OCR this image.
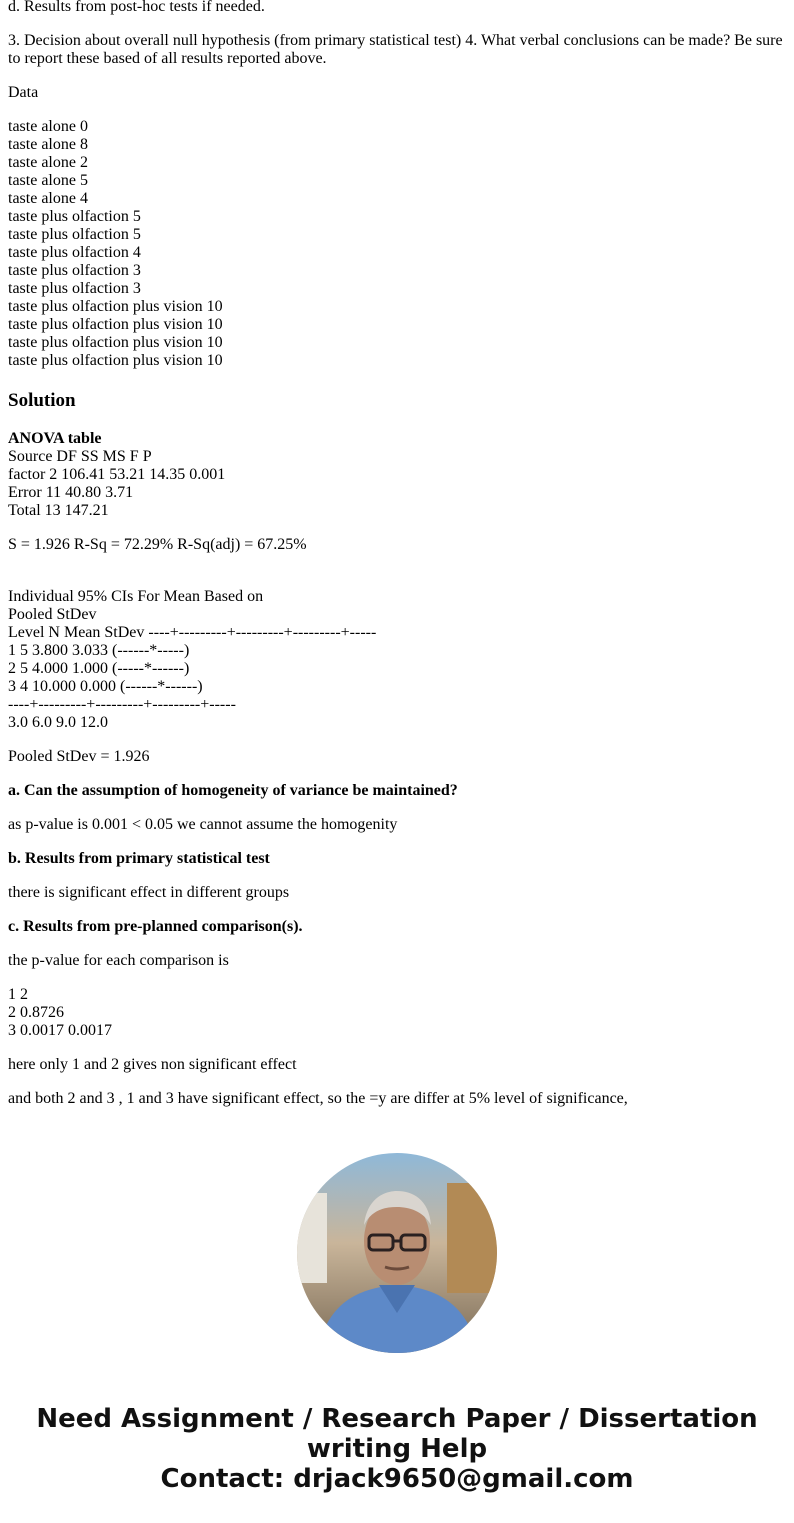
d. Results from post-hoc tests if needed.

3. Decision about overall null hypothesis (from primary statistical test) 4. What verbal conclusions can be made? Be sure to report these based of all results reported above.

Data

taste alone 0
taste alone 8
taste alone 2
taste alone 5
taste alone 4
taste plus olfaction 5
taste plus olfaction 5
taste plus olfaction 4
taste plus olfaction 3
taste plus olfaction 3
taste plus olfaction plus vision 10
taste plus olfaction plus vision 10
taste plus olfaction plus vision 10
taste plus olfaction plus vision 10

Solution

ANOVA table
Source DF SS MS F P
factor 2 106.41 53.21 14.35 0.001
Error 11 40.80 3.71
Total 13 147.21

S = 1.926 R-Sq = 72.29% R-Sq(adj) = 67.25%

Individual 95% CIs For Mean Based on
Pooled StDev
Level N Mean StDev ----+---------+---------+---------+-----
1 5 3.800 3.033 (------*-----)
2 5 4.000 1.000 (-----*------)
3 4 10.000 0.000 (------*------)
----+---------+---------+---------+-----
3.0 6.0 9.0 12.0

Pooled StDev = 1.926

a. Can the assumption of homogeneity of variance be maintained?

as p-value is 0.001 < 0.05 we cannot assume the homogenity

b. Results from primary statistical test

there is significant effect in different groups

c. Results from pre-planned comparison(s).

the p-value for each comparison is

1 2
2 0.8726
3 0.0017 0.0017

here only 1 and 2 gives non significant effect

and both 2 and 3 , 1 and 3 have significant effect, so the =y are differ at 5% level of significance,

Need Assignment / Research Paper / Dissertation
writing Help
Contact: drjack9650@gmail.com
